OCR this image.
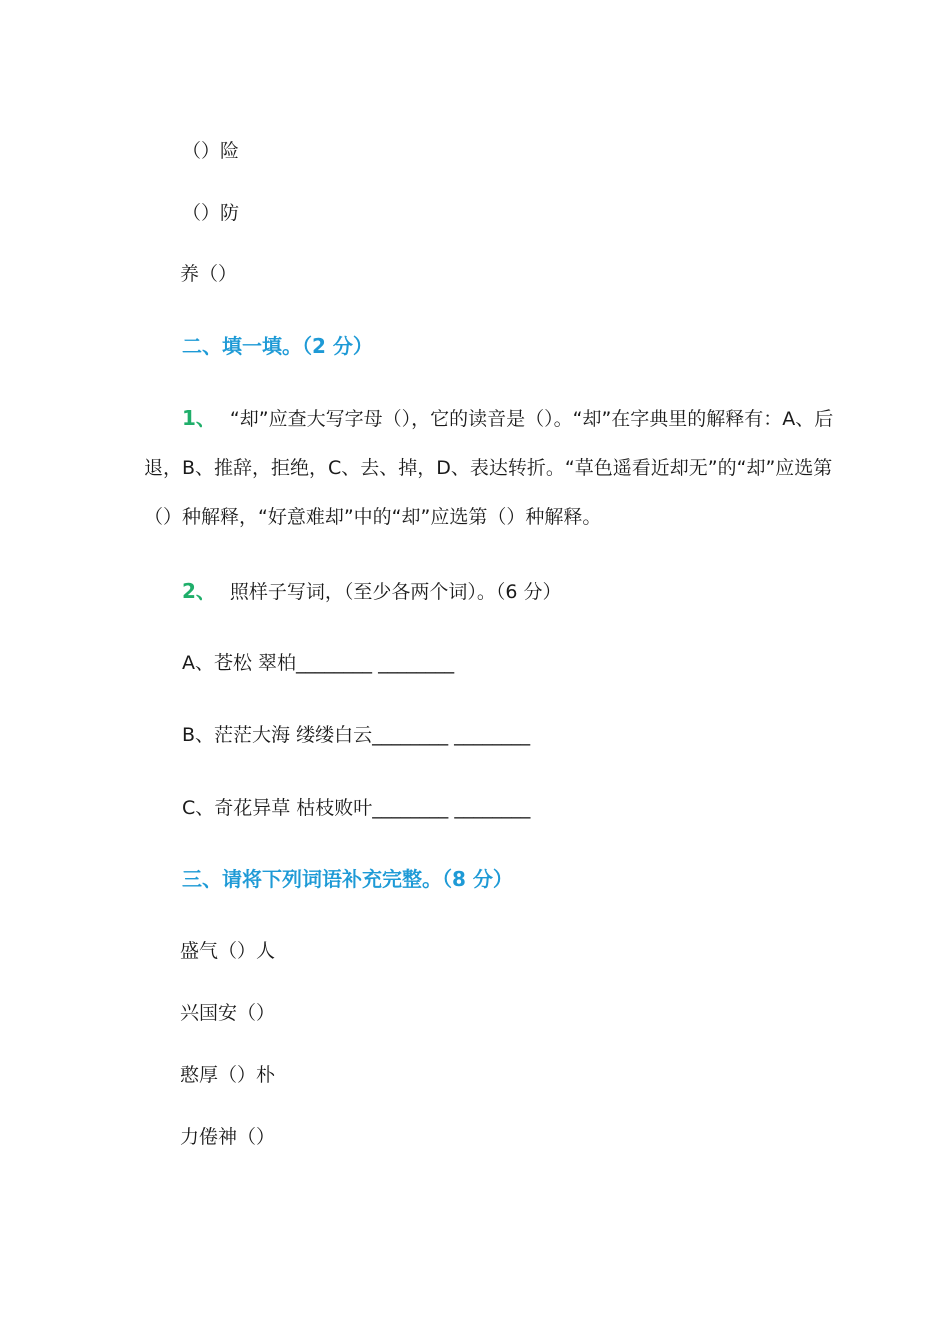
（）险
（）防
养（）
二、填一填。（2 分）
1、 “却”应查大写字母（），它的读音是（）。“却”在字典里的解释有：A、后退，B、推辞，拒绝，C、去、掉，D、表达转折。“草色遥看近却无”的“却”应选第（）种解释，“好意难却”中的“却”应选第（）种解释。
2、 照样子写词，（至少各两个词）。（6 分）
A、苍松 翠柏________ ________
B、茫茫大海 缕缕白云________ ________
C、奇花异草 枯枝败叶________ ________
三、请将下列词语补充完整。（8 分）
盛气（）人
兴国安（）
憨厚（）朴
力倦神（）
